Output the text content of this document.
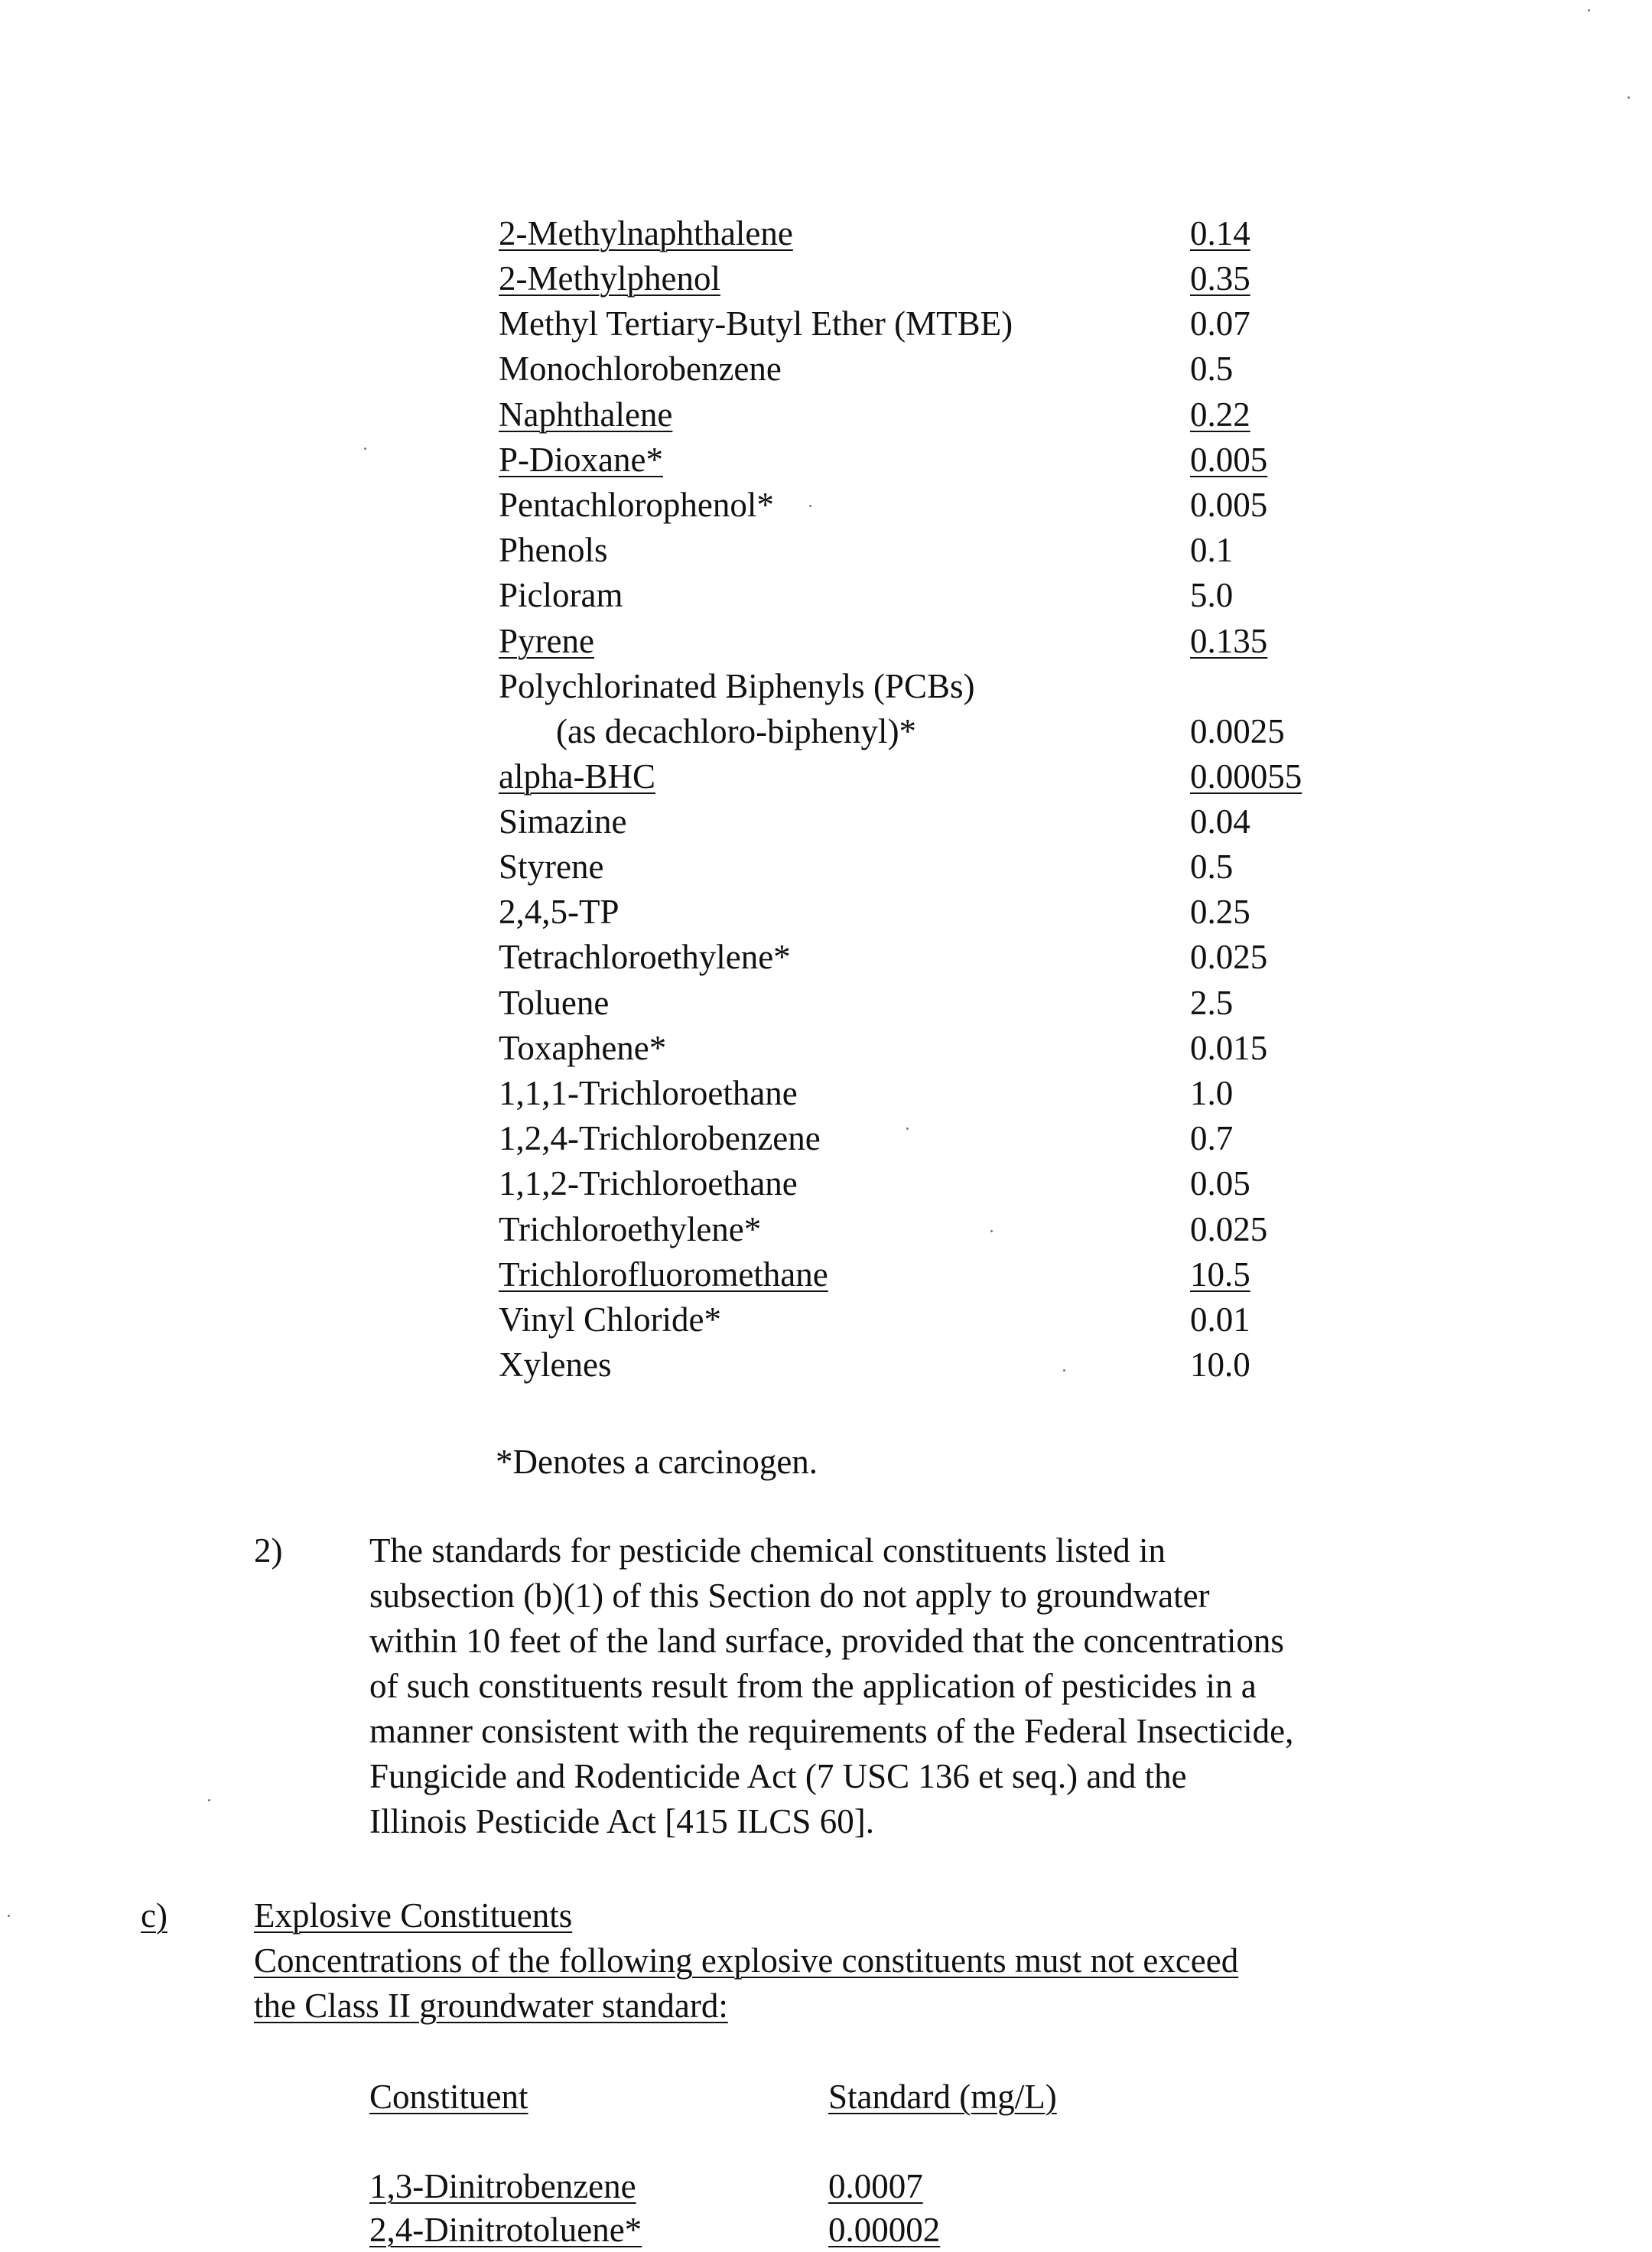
2-Methylnaphthalene	0.14
2-Methylphenol	0.35
Methyl Tertiary-Butyl Ether (MTBE)	0.07
Monochlorobenzene	0.5
Naphthalene	0.22
P-Dioxane*	0.005
Pentachlorophenol*	0.005
Phenols	0.1
Picloram	5.0
Pyrene	0.135
Polychlorinated Biphenyls (PCBs)
(as decachloro-biphenyl)*	0.0025
alpha-BHC	0.00055
Simazine	0.04
Styrene	0.5
2,4,5-TP	0.25
Tetrachloroethylene*	0.025
Toluene	2.5
Toxaphene*	0.015
1,1,1-Trichloroethane	1.0
1,2,4-Trichlorobenzene	0.7
1,1,2-Trichloroethane	0.05
Trichloroethylene*	0.025
Trichlorofluoromethane	10.5
Vinyl Chloride*	0.01
Xylenes	10.0
*Denotes a carcinogen.
2)	The standards for pesticide chemical constituents listed in

subsection (b)(1) of this Section do not apply to groundwater

within 10 feet of the land surface, provided that the concentrations

of such constituents result from the application of pesticides in a

manner consistent with the requirements of the Federal Insecticide,

Fungicide and Rodenticide Act (7 USC 136 et seq.) and the

Illinois Pesticide Act [415 ILCS 60].

c)	Explosive Constituents
Concentrations of the following explosive constituents must not exceed
the Class II groundwater standard:
Constituent	Standard (mg/L)
1,3-Dinitrobenzene	0.0007
2,4-Dinitrotoluene*	0.00002
